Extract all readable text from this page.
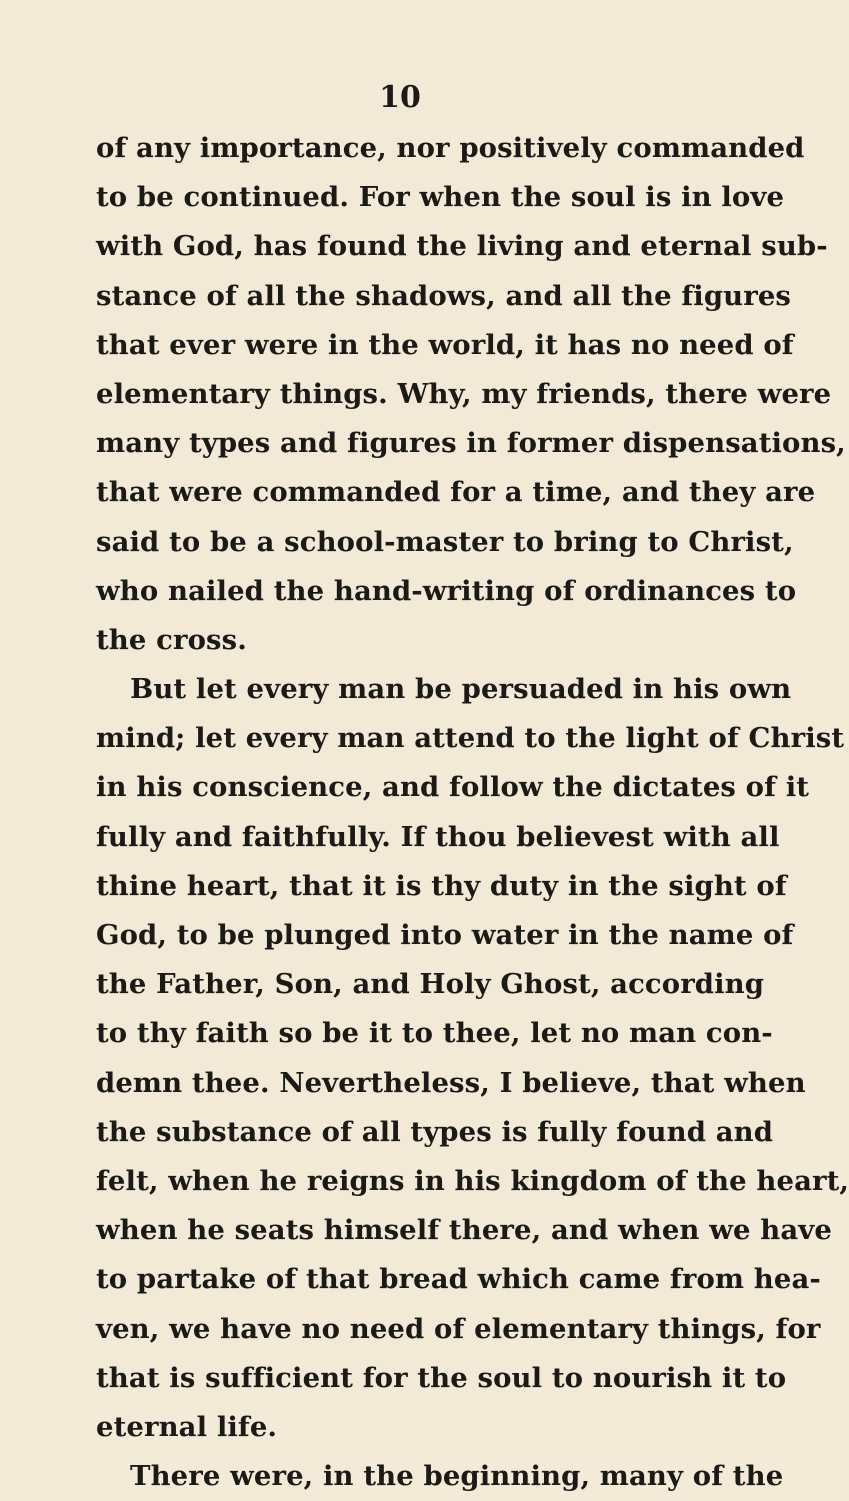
10
of any importance, nor positively commanded
to be continued. For when the soul is in love
with God, has found the living and eternal sub-
stance of all the shadows, and all the figures
that ever were in the world, it has no need of
elementary things. Why, my friends, there were
many types and figures in former dispensations,
that were commanded for a time, and they are
said to be a school-master to bring to Christ,
who nailed the hand-writing of ordinances to
the cross.
But let every man be persuaded in his own
mind; let every man attend to the light of Christ
in his conscience, and follow the dictates of it
fully and faithfully. If thou believest with all
thine heart, that it is thy duty in the sight of
God, to be plunged into water in the name of
the Father, Son, and Holy Ghost, according
to thy faith so be it to thee, let no man con-
demn thee. Nevertheless, I believe, that when
the substance of all types is fully found and
felt, when he reigns in his kingdom of the heart,
when he seats himself there, and when we have
to partake of that bread which came from hea-
ven, we have no need of elementary things, for
that is sufficient for the soul to nourish it to
eternal life.
There were, in the beginning, many of the
